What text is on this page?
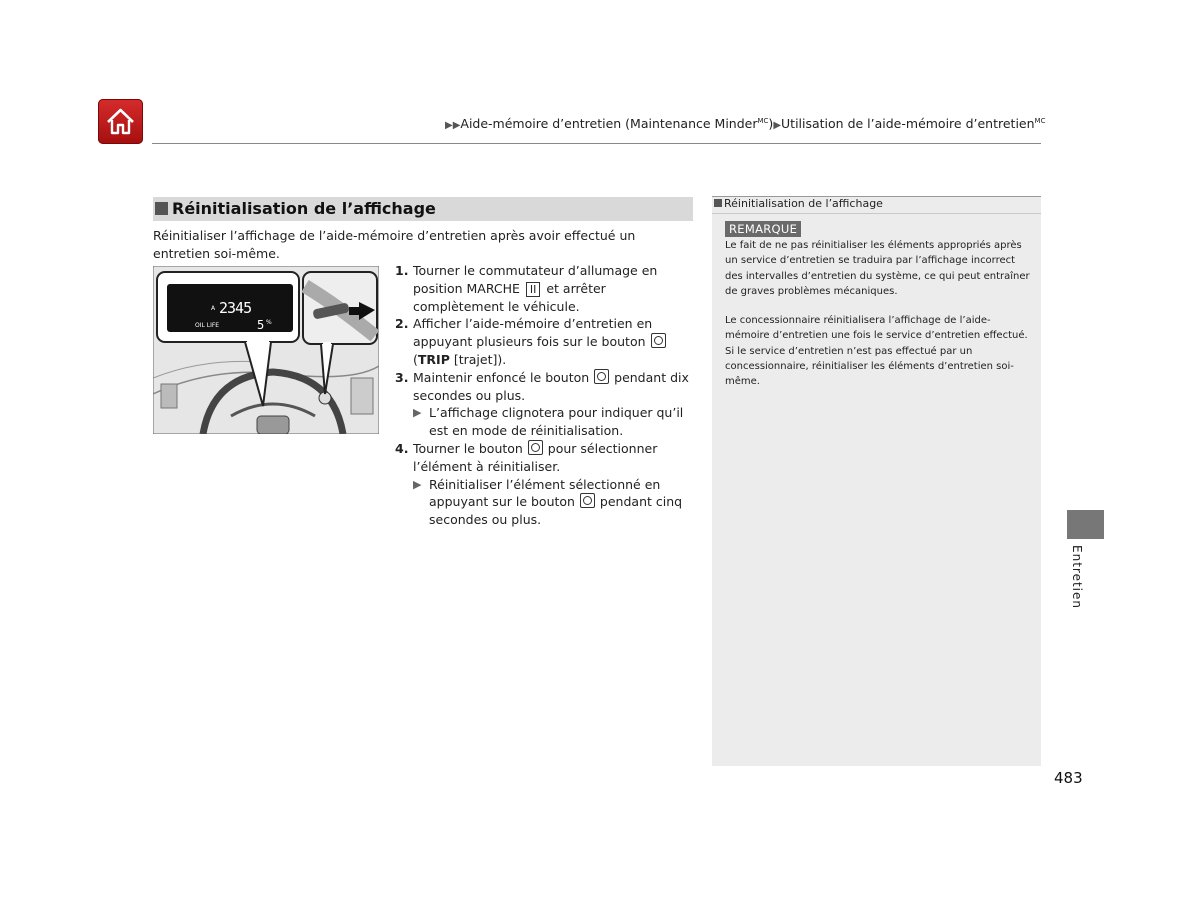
▶▶Aide-mémoire d’entretien (Maintenance Minder$^{MC}$)▶Utilisation de l’aide-mémoire d’entretien$^{MC}$
Réinitialisation de l’affichage
Réinitialiser l’affichage de l’aide-mémoire d’entretien après avoir effectué un entretien soi-même.
A 2345
OIL LIFE	5 %
1. Tourner le commutateur d’allumage en position MARCHE II et arrêter complètement le véhicule.
2. Afficher l’aide-mémoire d’entretien en appuyant plusieurs fois sur le bouton  (TRIP [trajet]).
3. Maintenir enfoncé le bouton  pendant dix secondes ou plus.
▶ L’affichage clignotera pour indiquer qu’il est en mode de réinitialisation.
4. Tourner le bouton  pour sélectionner l’élément à réinitialiser.
▶ Réinitialiser l’élément sélectionné en appuyant sur le bouton  pendant cinq secondes ou plus.
Réinitialisation de l’affichage
REMARQUE
Le fait de ne pas réinitialiser les éléments appropriés après un service d’entretien se traduira par l’affichage incorrect des intervalles d’entretien du système, ce qui peut entraîner de graves problèmes mécaniques.
Le concessionnaire réinitialisera l’affichage de l’aide-mémoire d’entretien une fois le service d’entretien effectué. Si le service d’entretien n’est pas effectué par un concessionnaire, réinitialiser les éléments d’entretien soi-même.
Entretien
483
